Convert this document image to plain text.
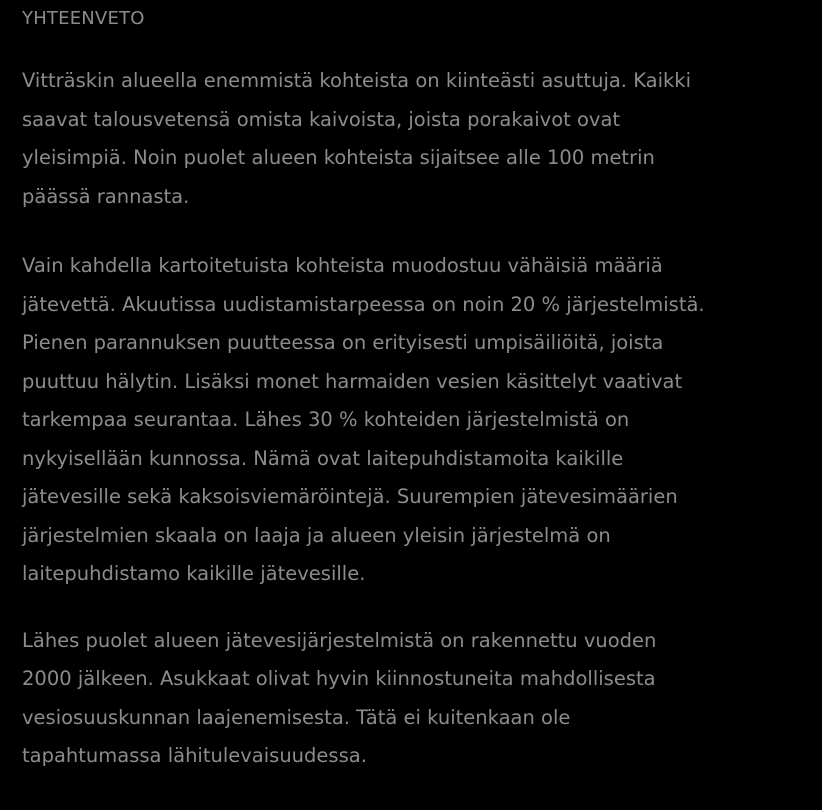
YHTEENVETO

Vitträskin alueella enemmistä kohteista on kiinteästi asuttuja. Kaikki
saavat talousvetensä omista kaivoista, joista porakaivot ovat
yleisimpiä. Noin puolet alueen kohteista sijaitsee alle 100 metrin
päässä rannasta.

Vain kahdella kartoitetuista kohteista muodostuu vähäisiä määriä
jätevettä. Akuutissa uudistamistarpeessa on noin 20 % järjestelmistä.
Pienen parannuksen puutteessa on erityisesti umpisäiliöitä, joista
puuttuu hälytin. Lisäksi monet harmaiden vesien käsittelyt vaativat
tarkempaa seurantaa. Lähes 30 % kohteiden järjestelmistä on
nykyisellään kunnossa. Nämä ovat laitepuhdistamoita kaikille
jätevesille sekä kaksoisviemäröintejä. Suurempien jätevesimäärien
järjestelmien skaala on laaja ja alueen yleisin järjestelmä on
laitepuhdistamo kaikille jätevesille.

Lähes puolet alueen jätevesijärjestelmistä on rakennettu vuoden
2000 jälkeen. Asukkaat olivat hyvin kiinnostuneita mahdollisesta
vesiosuuskunnan laajenemisesta. Tätä ei kuitenkaan ole
tapahtumassa lähitulevaisuudessa.
